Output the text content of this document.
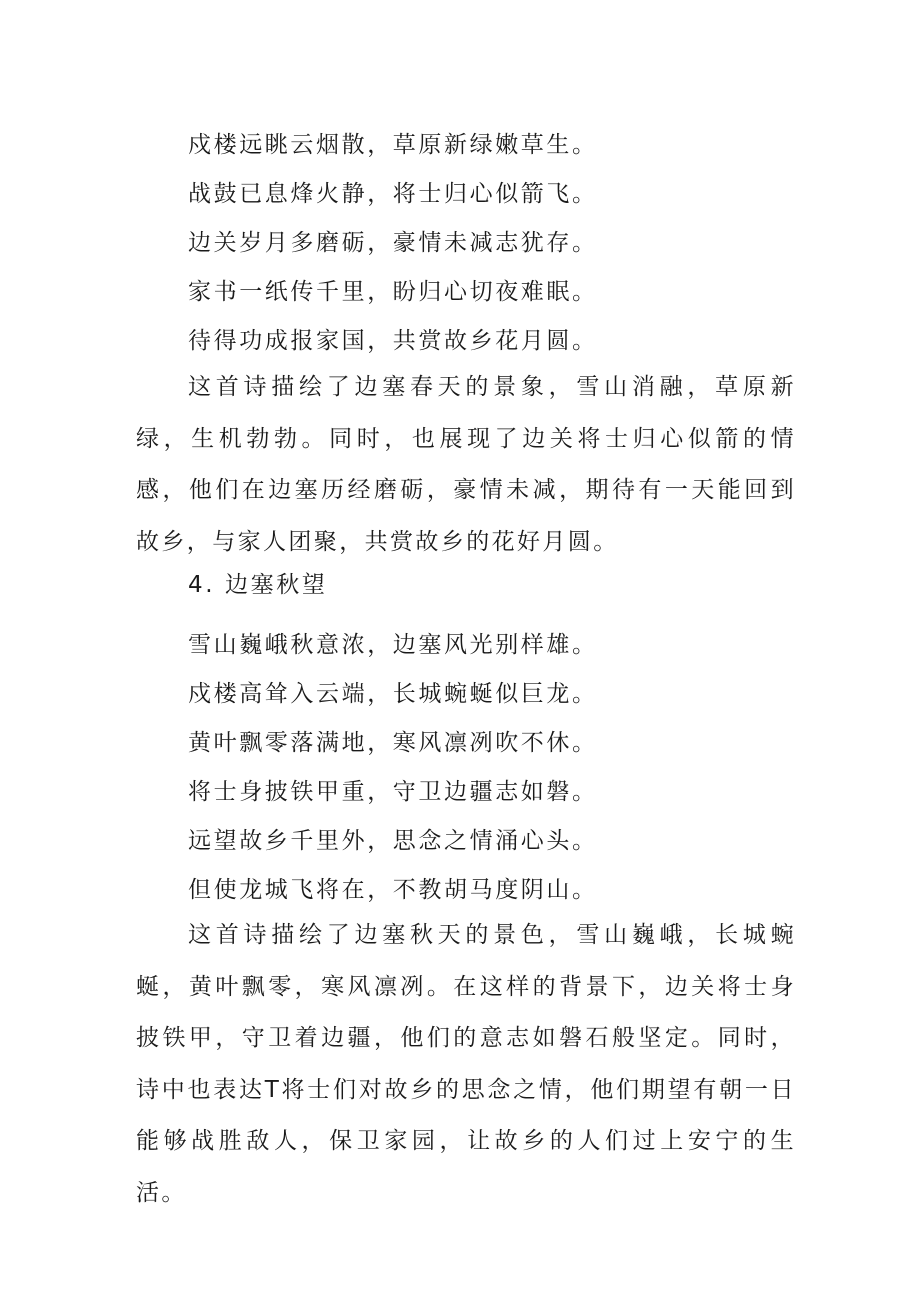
戍楼远眺云烟散，草原新绿嫩草生。
战鼓已息烽火静，将士归心似箭飞。
边关岁月多磨砺，豪情未减志犹存。
家书一纸传千里，盼归心切夜难眠。
待得功成报家国，共赏故乡花月圆。

这首诗描绘了边塞春天的景象，雪山消融，草原新绿，生机勃勃。同时，也展现了边关将士归心似箭的情感，他们在边塞历经磨砺，豪情未减，期待有一天能回到故乡，与家人团聚，共赏故乡的花好月圆。

4. 边塞秋望
雪山巍峨秋意浓，边塞风光别样雄。
戍楼高耸入云端，长城蜿蜒似巨龙。
黄叶飘零落满地，寒风凛冽吹不休。
将士身披铁甲重，守卫边疆志如磐。
远望故乡千里外，思念之情涌心头。
但使龙城飞将在，不教胡马度阴山。

这首诗描绘了边塞秋天的景色，雪山巍峨，长城蜿蜒，黄叶飘零，寒风凛冽。在这样的背景下，边关将士身披铁甲，守卫着边疆，他们的意志如磐石般坚定。同时，诗中也表达T将士们对故乡的思念之情，他们期望有朝一日能够战胜敌人，保卫家园，让故乡的人们过上安宁的生活。
